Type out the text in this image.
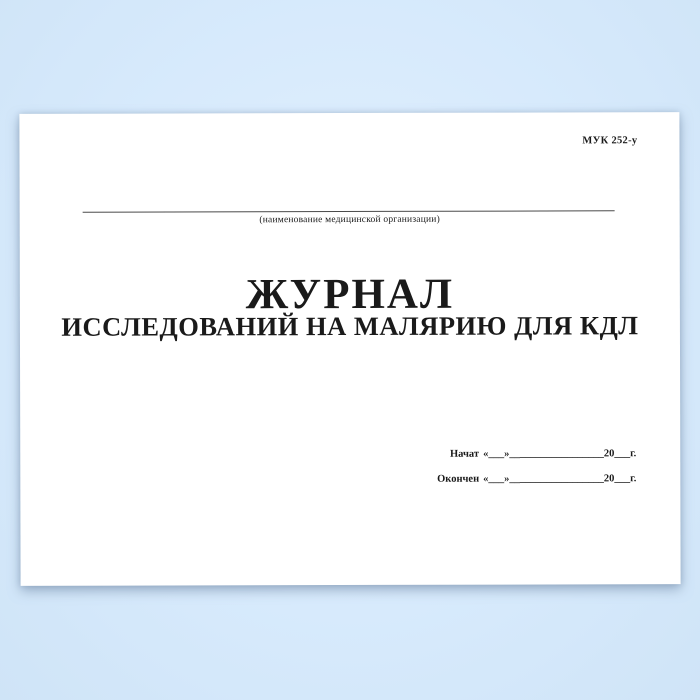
МУК 252-у
(наименование медицинской организации)
ЖУРНАЛ
ИССЛЕДОВАНИЙ НА МАЛЯРИЮ ДЛЯ КДЛ
Начат «___»__________________20___г.
Окончен «___»__________________20___г.
